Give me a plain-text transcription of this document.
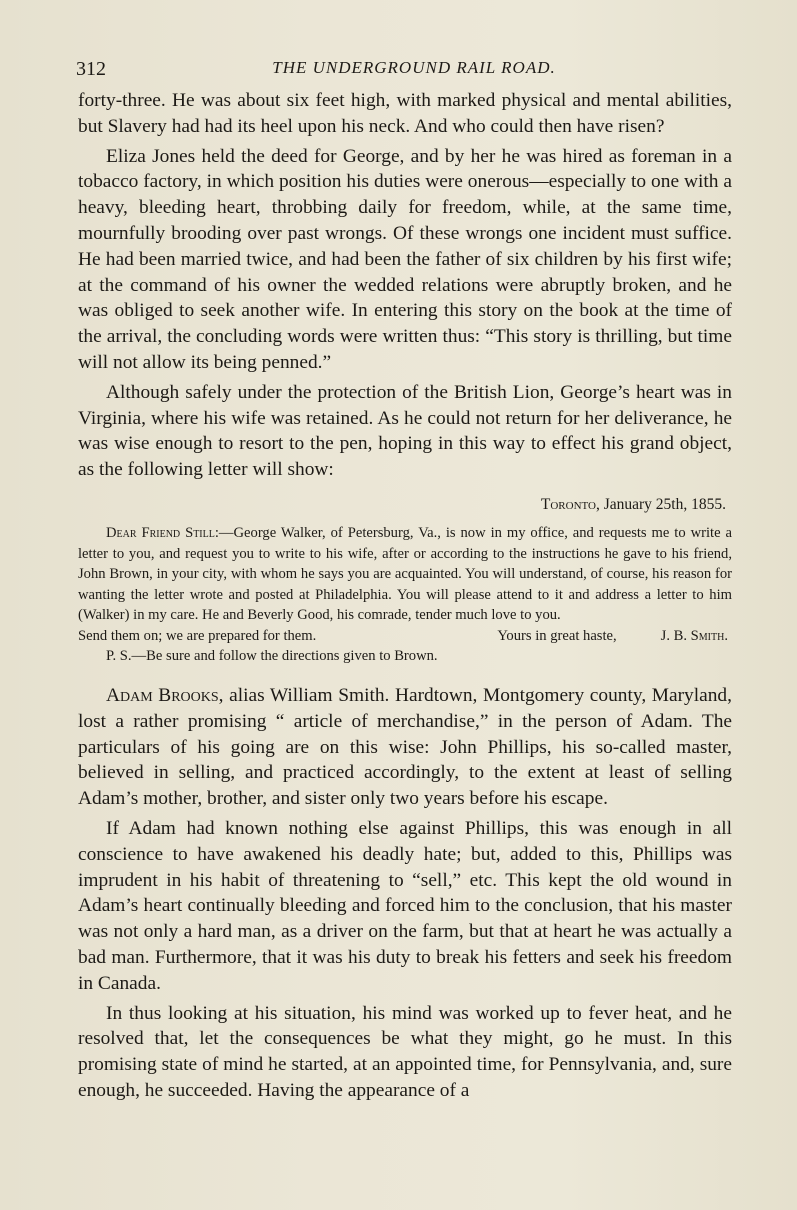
312	THE UNDERGROUND RAIL ROAD.

forty-three. He was about six feet high, with marked physical and mental abilities, but Slavery had had its heel upon his neck. And who could then have risen?

Eliza Jones held the deed for George, and by her he was hired as foreman in a tobacco factory, in which position his duties were onerous—especially to one with a heavy, bleeding heart, throbbing daily for freedom, while, at the same time, mournfully brooding over past wrongs. Of these wrongs one incident must suffice. He had been married twice, and had been the father of six children by his first wife; at the command of his owner the wedded relations were abruptly broken, and he was obliged to seek another wife. In entering this story on the book at the time of the arrival, the concluding words were written thus: “This story is thrilling, but time will not allow its being penned.”

Although safely under the protection of the British Lion, George’s heart was in Virginia, where his wife was retained. As he could not return for her deliverance, he was wise enough to resort to the pen, hoping in this way to effect his grand object, as the following letter will show:

Toronto, January 25th, 1855.

Dear Friend Still:—George Walker, of Petersburg, Va., is now in my office, and requests me to write a letter to you, and request you to write to his wife, after or according to the instructions he gave to his friend, John Brown, in your city, with whom he says you are acquainted. You will understand, of course, his reason for wanting the letter wrote and posted at Philadelphia. You will please attend to it and address a letter to him (Walker) in my care. He and Beverly Good, his comrade, tender much love to you.

Send them on; we are prepared for them.	Yours in great haste,	J. B. Smith.

P. S.—Be sure and follow the directions given to Brown.

Adam Brooks, alias William Smith. Hardtown, Montgomery county, Maryland, lost a rather promising “ article of merchandise,” in the person of Adam. The particulars of his going are on this wise: John Phillips, his so-called master, believed in selling, and practiced accordingly, to the extent at least of selling Adam’s mother, brother, and sister only two years before his escape.

If Adam had known nothing else against Phillips, this was enough in all conscience to have awakened his deadly hate; but, added to this, Phillips was imprudent in his habit of threatening to “sell,” etc. This kept the old wound in Adam’s heart continually bleeding and forced him to the conclusion, that his master was not only a hard man, as a driver on the farm, but that at heart he was actually a bad man. Furthermore, that it was his duty to break his fetters and seek his freedom in Canada.

In thus looking at his situation, his mind was worked up to fever heat, and he resolved that, let the consequences be what they might, go he must. In this promising state of mind he started, at an appointed time, for Pennsylvania, and, sure enough, he succeeded. Having the appearance of a
